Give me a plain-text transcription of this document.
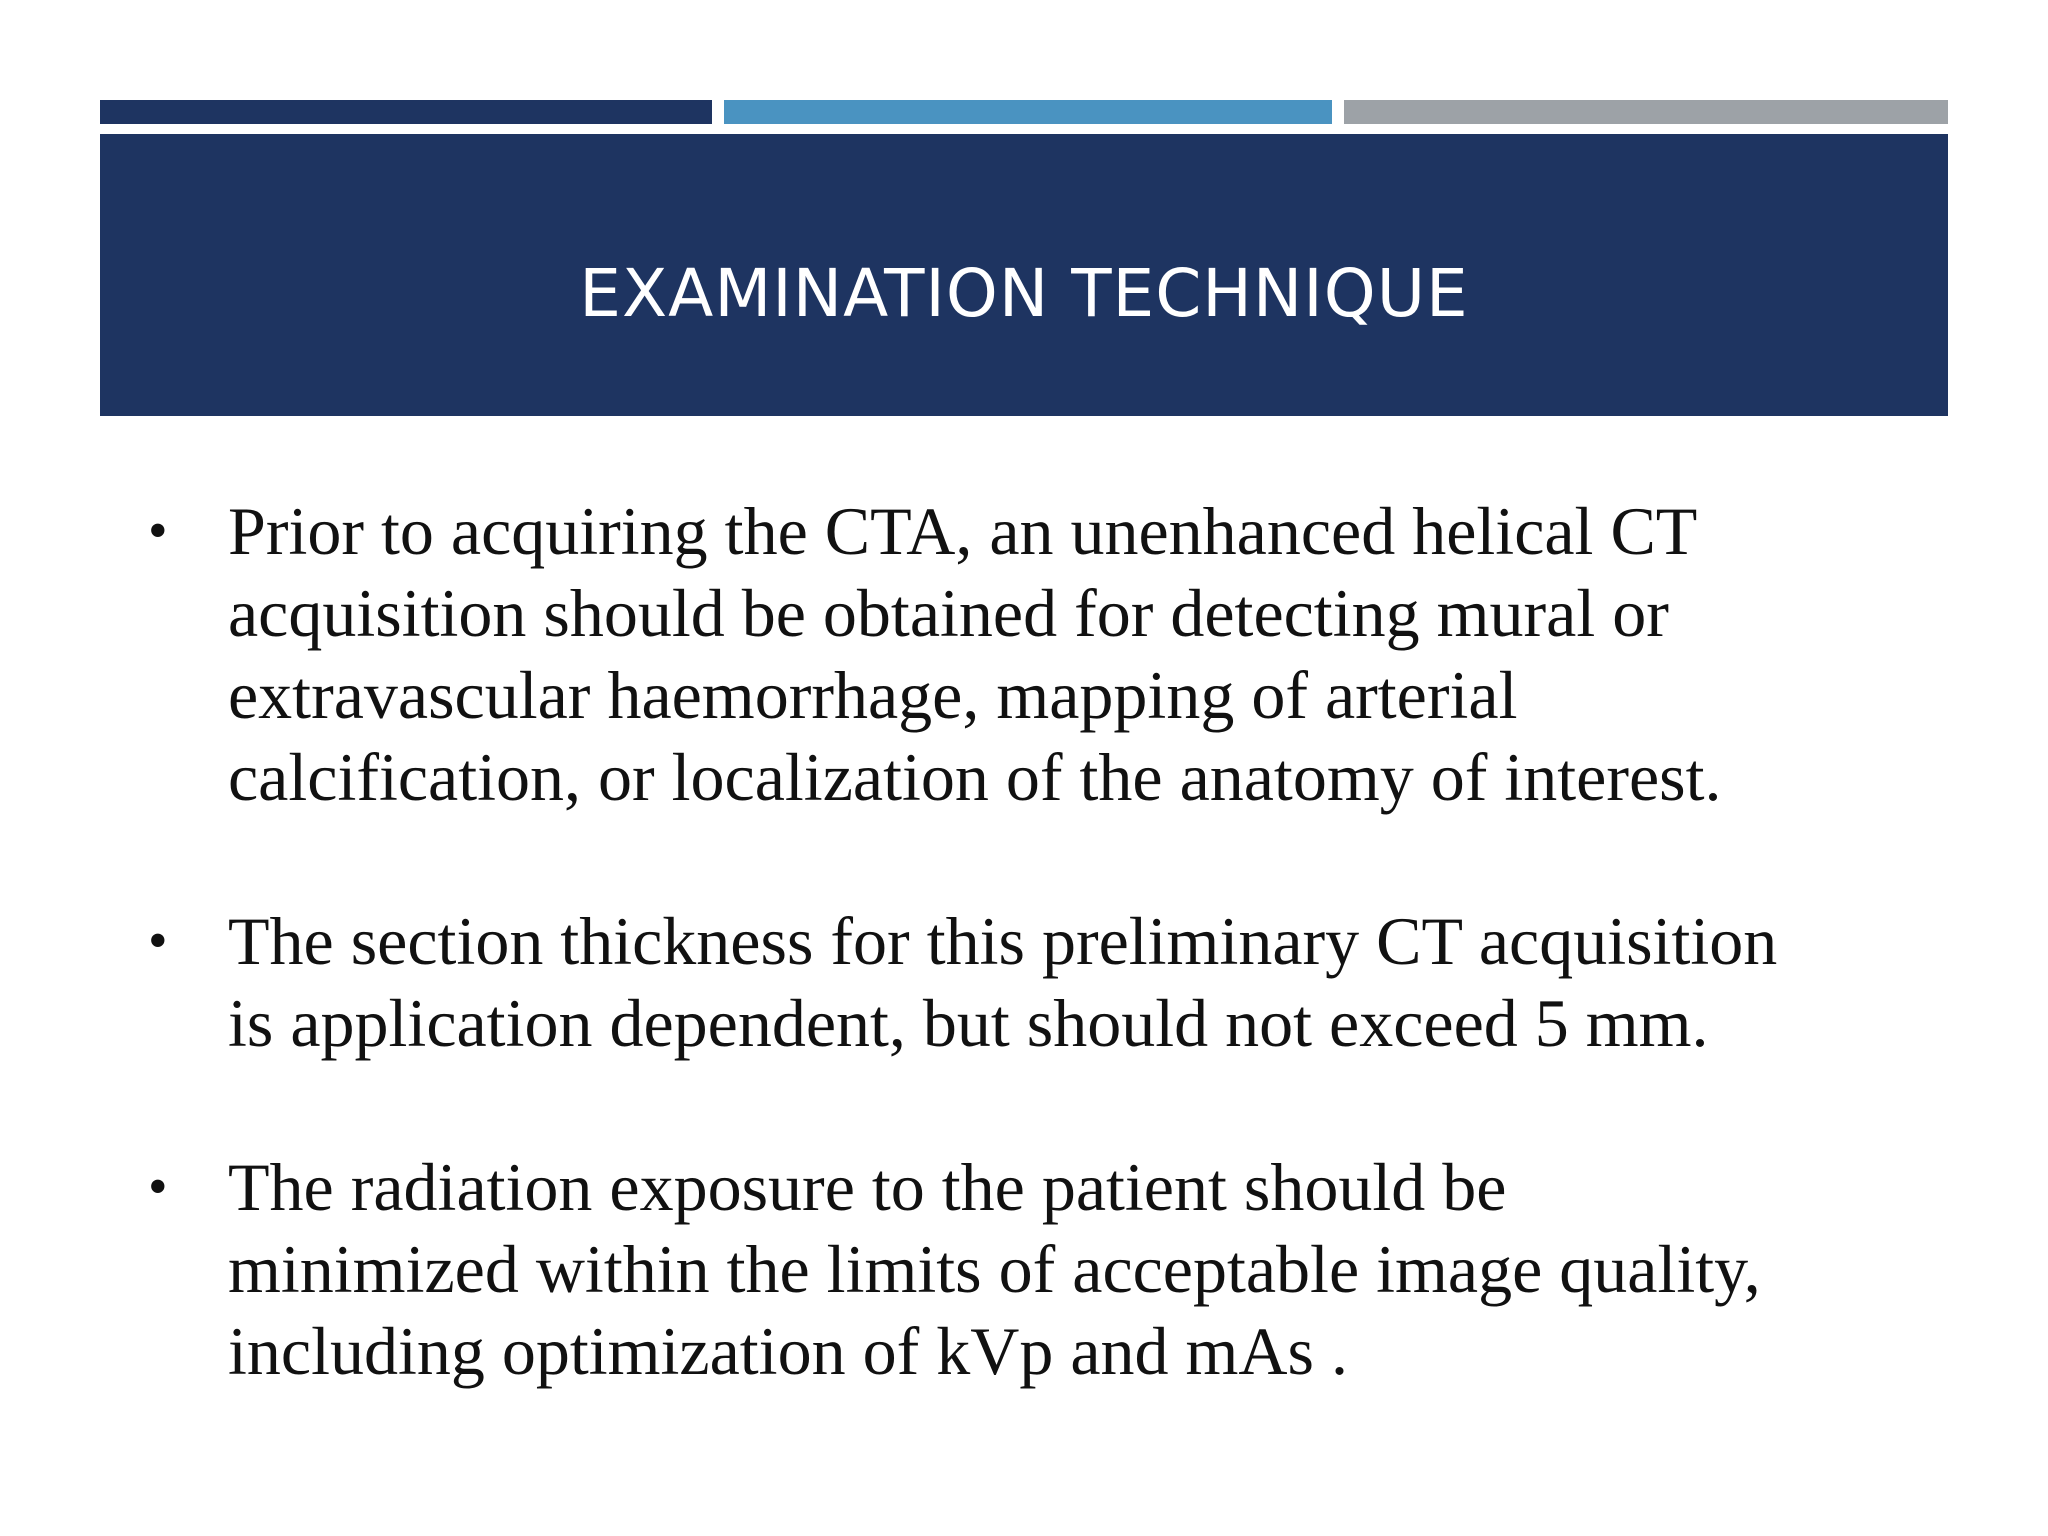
EXAMINATION TECHNIQUE
• Prior to acquiring the CTA, an unenhanced helical CT
acquisition should be obtained for detecting mural or
extravascular haemorrhage, mapping of arterial
calcification, or localization of the anatomy of interest.
• The section thickness for this preliminary CT acquisition
is application dependent, but should not exceed 5 mm.
• The radiation exposure to the patient should be
minimized within the limits of acceptable image quality,
including optimization of kVp and mAs .
